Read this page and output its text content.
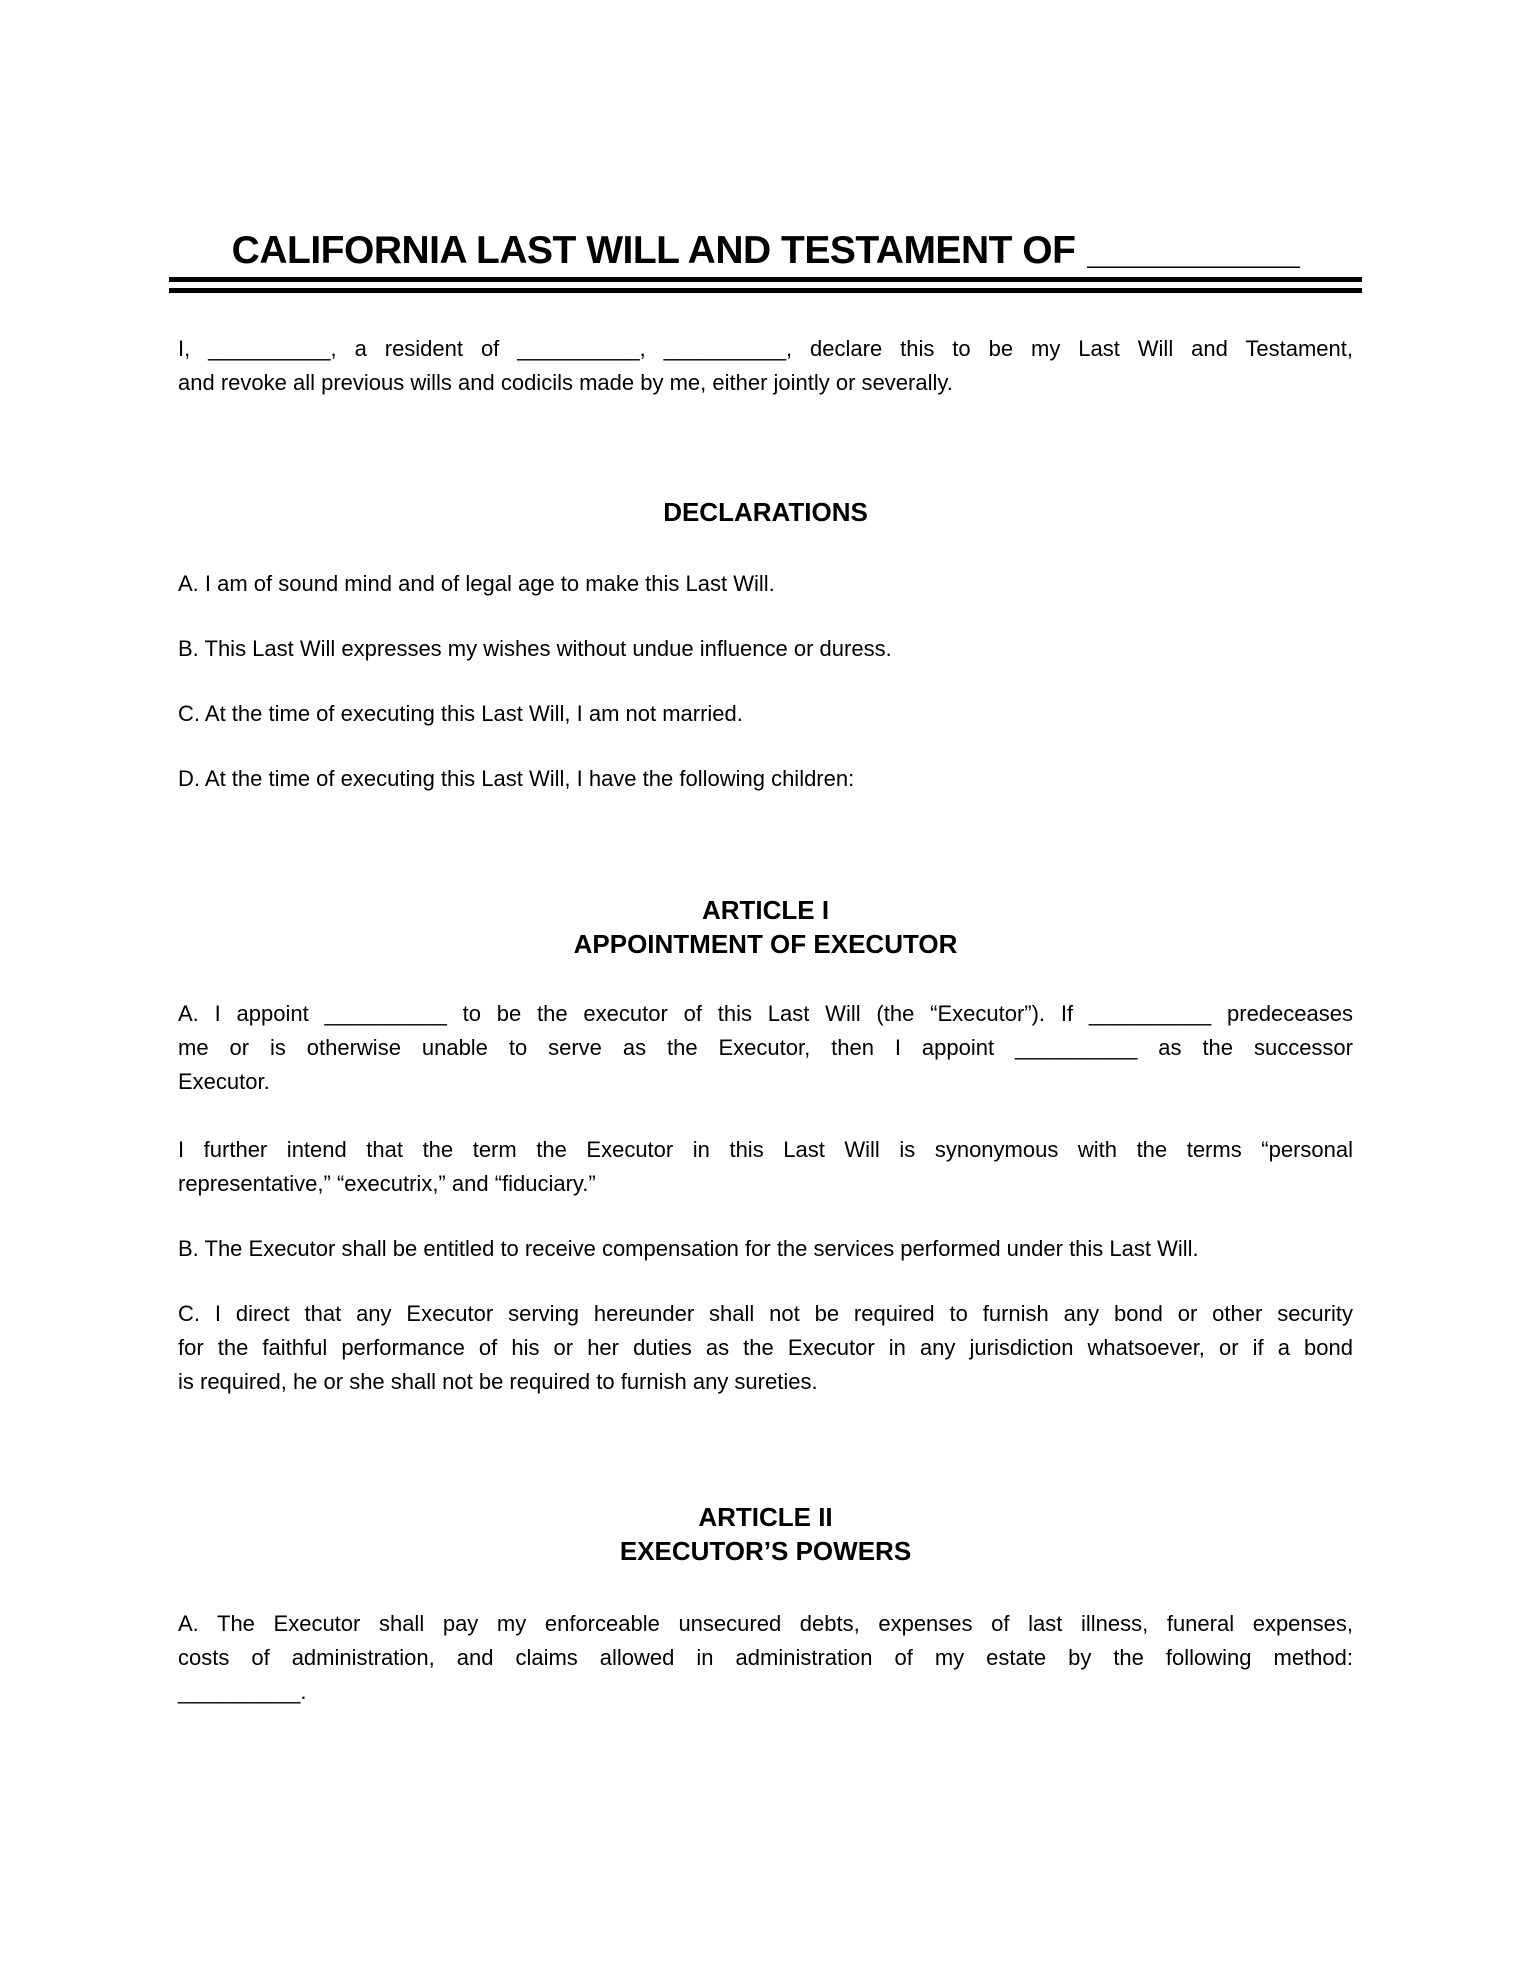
CALIFORNIA LAST WILL AND TESTAMENT OF __________
I, __________, a resident of __________, __________, declare this to be my Last Will and Testament,
and revoke all previous wills and codicils made by me, either jointly or severally.
DECLARATIONS
A. I am of sound mind and of legal age to make this Last Will.
B. This Last Will expresses my wishes without undue influence or duress.
C. At the time of executing this Last Will, I am not married.
D. At the time of executing this Last Will, I have the following children:
ARTICLE I
APPOINTMENT OF EXECUTOR
A. I appoint __________ to be the executor of this Last Will (the “Executor”). If __________ predeceases
me or is otherwise unable to serve as the Executor, then I appoint __________ as the successor
Executor.
I further intend that the term the Executor in this Last Will is synonymous with the terms “personal
representative,” “executrix,” and “fiduciary.”
B. The Executor shall be entitled to receive compensation for the services performed under this Last Will.
C. I direct that any Executor serving hereunder shall not be required to furnish any bond or other security
for the faithful performance of his or her duties as the Executor in any jurisdiction whatsoever, or if a bond
is required, he or she shall not be required to furnish any sureties.
ARTICLE II
EXECUTOR’S POWERS
A. The Executor shall pay my enforceable unsecured debts, expenses of last illness, funeral expenses,
costs of administration, and claims allowed in administration of my estate by the following method:
__________.
